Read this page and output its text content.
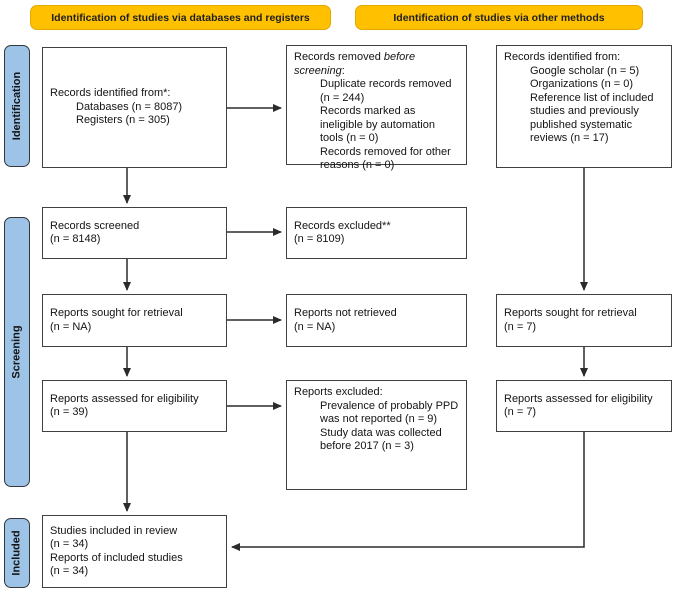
Identification of studies via databases and registers	Identification of studies via other methods
Identification
Screening
Included
Records identified from*:
Databases (n = 8087)
Registers (n = 305)
Records screened
(n = 8148)
Reports sought for retrieval
(n = NA)
Reports assessed for eligibility
(n = 39)
Studies included in review
(n = 34)
Reports of included studies
(n = 34)
Records removed before screening:
Duplicate records removed (n = 244)
Records marked as ineligible by automation tools (n = 0)
Records removed for other reasons (n = 0)
Records excluded**
(n = 8109)
Reports not retrieved
(n = NA)
Reports excluded:
Prevalence of probably PPD was not reported (n = 9)
Study data was collected before 2017 (n = 3)
Records identified from:
Google scholar (n = 5)
Organizations (n = 0)
Reference list of included studies and previously published systematic reviews (n = 17)
Reports sought for retrieval
(n = 7)
Reports assessed for eligibility
(n = 7)
